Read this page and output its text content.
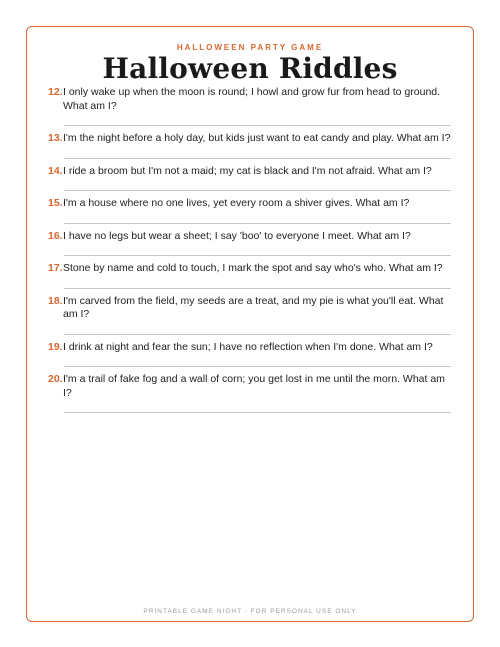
HALLOWEEN PARTY GAME
Halloween Riddles
12. I only wake up when the moon is round; I howl and grow fur from head to ground. What am I?
13. I'm the night before a holy day, but kids just want to eat candy and play. What am I?
14. I ride a broom but I'm not a maid; my cat is black and I'm not afraid. What am I?
15. I'm a house where no one lives, yet every room a shiver gives. What am I?
16. I have no legs but wear a sheet; I say 'boo' to everyone I meet. What am I?
17. Stone by name and cold to touch, I mark the spot and say who's who. What am I?
18. I'm carved from the field, my seeds are a treat, and my pie is what you'll eat. What am I?
19. I drink at night and fear the sun; I have no reflection when I'm done. What am I?
20. I'm a trail of fake fog and a wall of corn; you get lost in me until the morn. What am I?
PRINTABLE GAME NIGHT · FOR PERSONAL USE ONLY
